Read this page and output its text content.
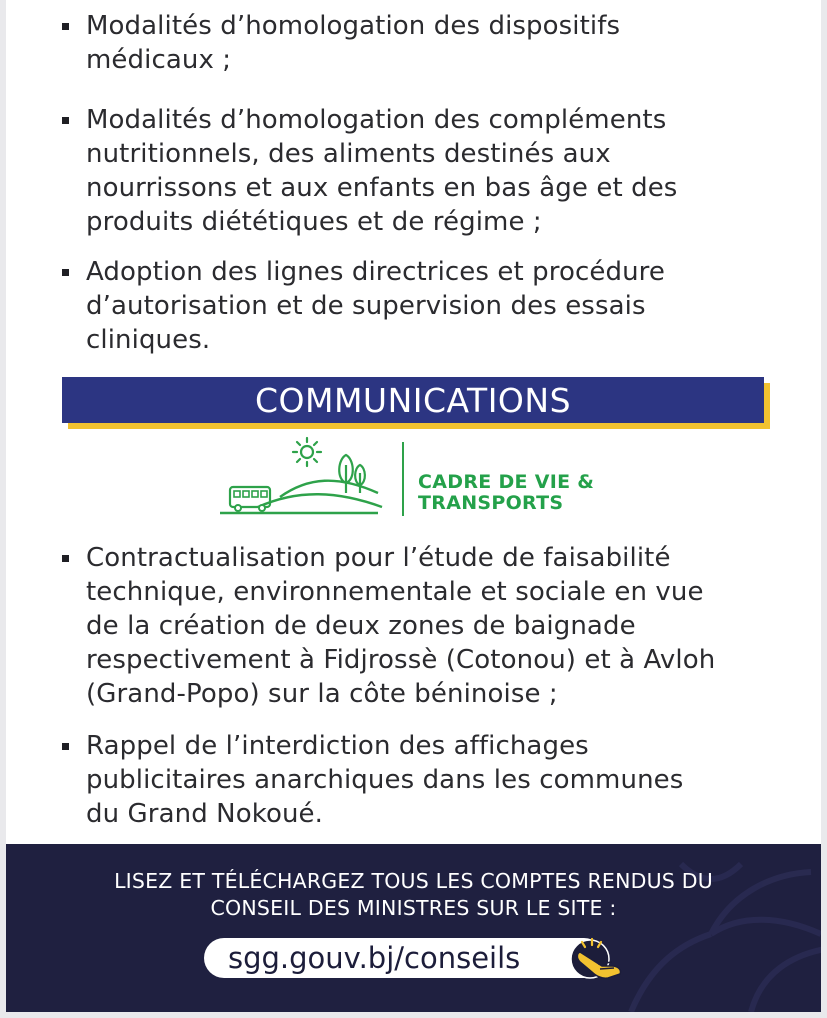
Modalités d’homologation des dispositifs
médicaux ;
Modalités d’homologation des compléments
nutritionnels, des aliments destinés aux
nourrissons et aux enfants en bas âge et des
produits diététiques et de régime ;
Adoption des lignes directrices et procédure
d’autorisation et de supervision des essais
cliniques.
COMMUNICATIONS
CADRE DE VIE &
TRANSPORTS
Contractualisation pour l’étude de faisabilité
technique, environnementale et sociale en vue
de la création de deux zones de baignade
respectivement à Fidjrossè (Cotonou) et à Avloh
(Grand-Popo) sur la côte béninoise ;
Rappel de l’interdiction des affichages
publicitaires anarchiques dans les communes
du Grand Nokoué.
LISEZ ET TÉLÉCHARGEZ TOUS LES COMPTES RENDUS DU
CONSEIL DES MINISTRES SUR LE SITE :
sgg.gouv.bj/conseils
